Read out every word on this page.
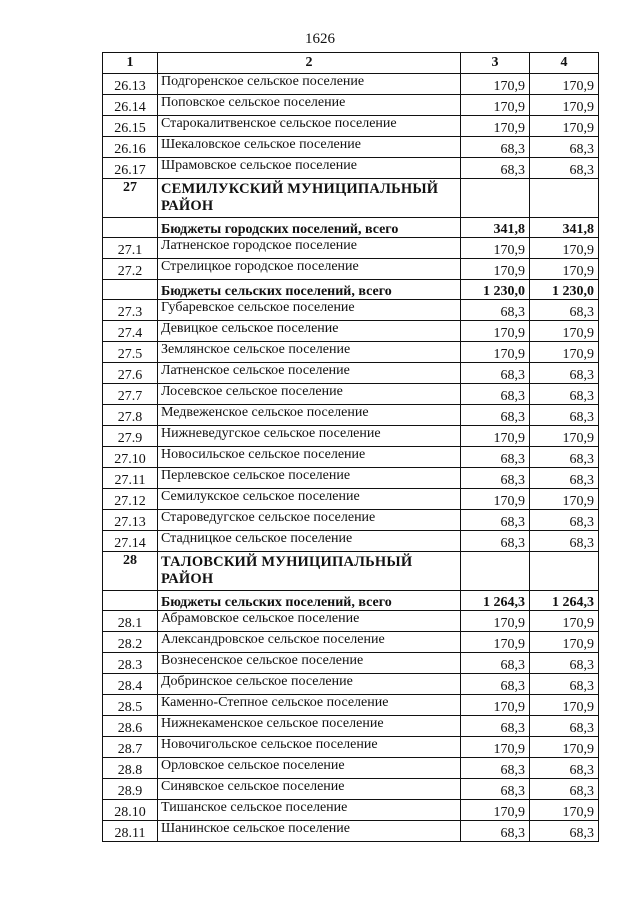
1626
1	2	3	4
26.13	Подгоренское сельское поселение	170,9	170,9
26.14	Поповское сельское поселение	170,9	170,9
26.15	Старокалитвенское сельское поселение	170,9	170,9
26.16	Шекаловское сельское поселение	68,3	68,3
26.17	Шрамовское сельское поселение	68,3	68,3
27	СЕМИЛУКСКИЙ МУНИЦИПАЛЬНЫЙ РАЙОН		
	Бюджеты городских поселений, всего	341,8	341,8
27.1	Латненское городское поселение	170,9	170,9
27.2	Стрелицкое городское поселение	170,9	170,9
	Бюджеты сельских поселений, всего	1 230,0	1 230,0
27.3	Губаревское сельское поселение	68,3	68,3
27.4	Девицкое сельское поселение	170,9	170,9
27.5	Землянское сельское поселение	170,9	170,9
27.6	Латненское сельское поселение	68,3	68,3
27.7	Лосевское сельское поселение	68,3	68,3
27.8	Медвеженское сельское поселение	68,3	68,3
27.9	Нижневедугское сельское поселение	170,9	170,9
27.10	Новосильское сельское поселение	68,3	68,3
27.11	Перлевское сельское поселение	68,3	68,3
27.12	Семилукское сельское поселение	170,9	170,9
27.13	Староведугское сельское поселение	68,3	68,3
27.14	Стадницкое сельское поселение	68,3	68,3
28	ТАЛОВСКИЙ МУНИЦИПАЛЬНЫЙ РАЙОН		
	Бюджеты сельских поселений, всего	1 264,3	1 264,3
28.1	Абрамовское сельское поселение	170,9	170,9
28.2	Александровское сельское поселение	170,9	170,9
28.3	Вознесенское сельское поселение	68,3	68,3
28.4	Добринское сельское поселение	68,3	68,3
28.5	Каменно-Степное сельское поселение	170,9	170,9
28.6	Нижнекаменское сельское поселение	68,3	68,3
28.7	Новочигольское сельское поселение	170,9	170,9
28.8	Орловское сельское поселение	68,3	68,3
28.9	Синявское сельское поселение	68,3	68,3
28.10	Тишанское сельское поселение	170,9	170,9
28.11	Шанинское сельское поселение	68,3	68,3
